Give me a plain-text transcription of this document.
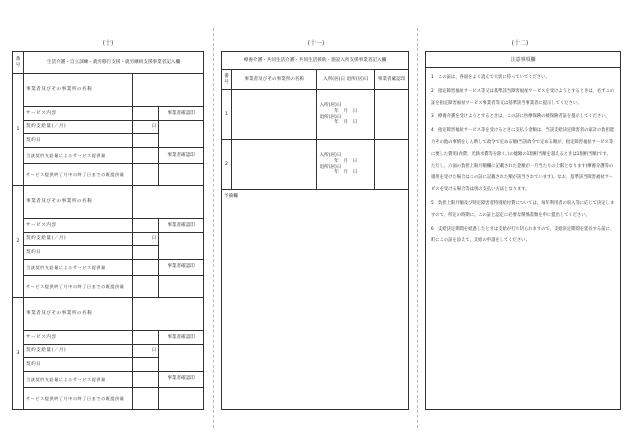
(十)	(十一)	(十二)
番号	生活介護・自立訓練・就労移行支援・就労継続支援事業者記入欄		
1	事業者及びその事業所の名称		
	サービス内容		事業者確認印
	契約支給量(／月)	日	
	契約日		
	当該契約支給量によるサービス提供量		事業者確認印
	サービス提供終了月中の終了日までの既提供量		
2	事業者及びその事業所の名称		
	サービス内容		事業者確認印
	契約支給量(／月)	日	
	契約日		
	当該契約支給量によるサービス提供量		事業者確認印
	サービス提供終了月中の終了日までの既提供量		
3	事業者及びその事業所の名称		
	サービス内容		事業者確認印
	契約支給量(／月)	日	
	契約日		
	当該契約支給量によるサービス提供量		事業者確認印
	サービス提供終了月中の終了日までの既提供量		
療養介護・共同生活介護・共同生活援助・施設入所支援事業者記入欄			
番号	事業者及びその事業所の名称	入所(居)日 退所(居)日	事業者確認印
1		入所(居)日
年　月　日
退所(居)日
年　月　日	

2		入所(居)日
年　月　日
退所(居)日
年　月　日	

予備欄
注意事項欄

1　この証は、各面をよく読んで大切に持っていてください。

2　指定障害福祉サービス等又は基準該当障害福祉サービスを受けようとするときは、必ずこの証を指定障害福祉サービス事業者等又は基準該当事業者に提示してください。

3　療養介護を受けようとするときは、この証に医療保険の被保険者証を提示してください。

4　指定障害福祉サービス等を受けるときに支払う金額は、当該支給決定障害者の家計の負担能力その他の事情をしん酌して政令で定める額(当該政令で定める額が、指定障害福祉サービス等に要した費用(食費、光熱水費等を除く。)の総額の1割相当額を超えるときは1割相当額)です。ただし、六面の負担上限月額欄に記載された金額が一月当たりの上限となります(療養介護等の適用を受けた場合はこの証に記載された額が該当されています)。なお、基準該当障害福祉サービスを受ける場合等は別の支払い方法となります。

5　負担上限月額及び特定障害者特別給付費については、毎年利用者の収入等に応じて決定しますので、所定の時期に、この証と認定に必要な関係書類を申に提出してください。

6　支給決定期間を経過したときは支給が打ち切られますので、支給決定期間を延長する前に、町にこの証を添えて、支給の申請をしてください。
